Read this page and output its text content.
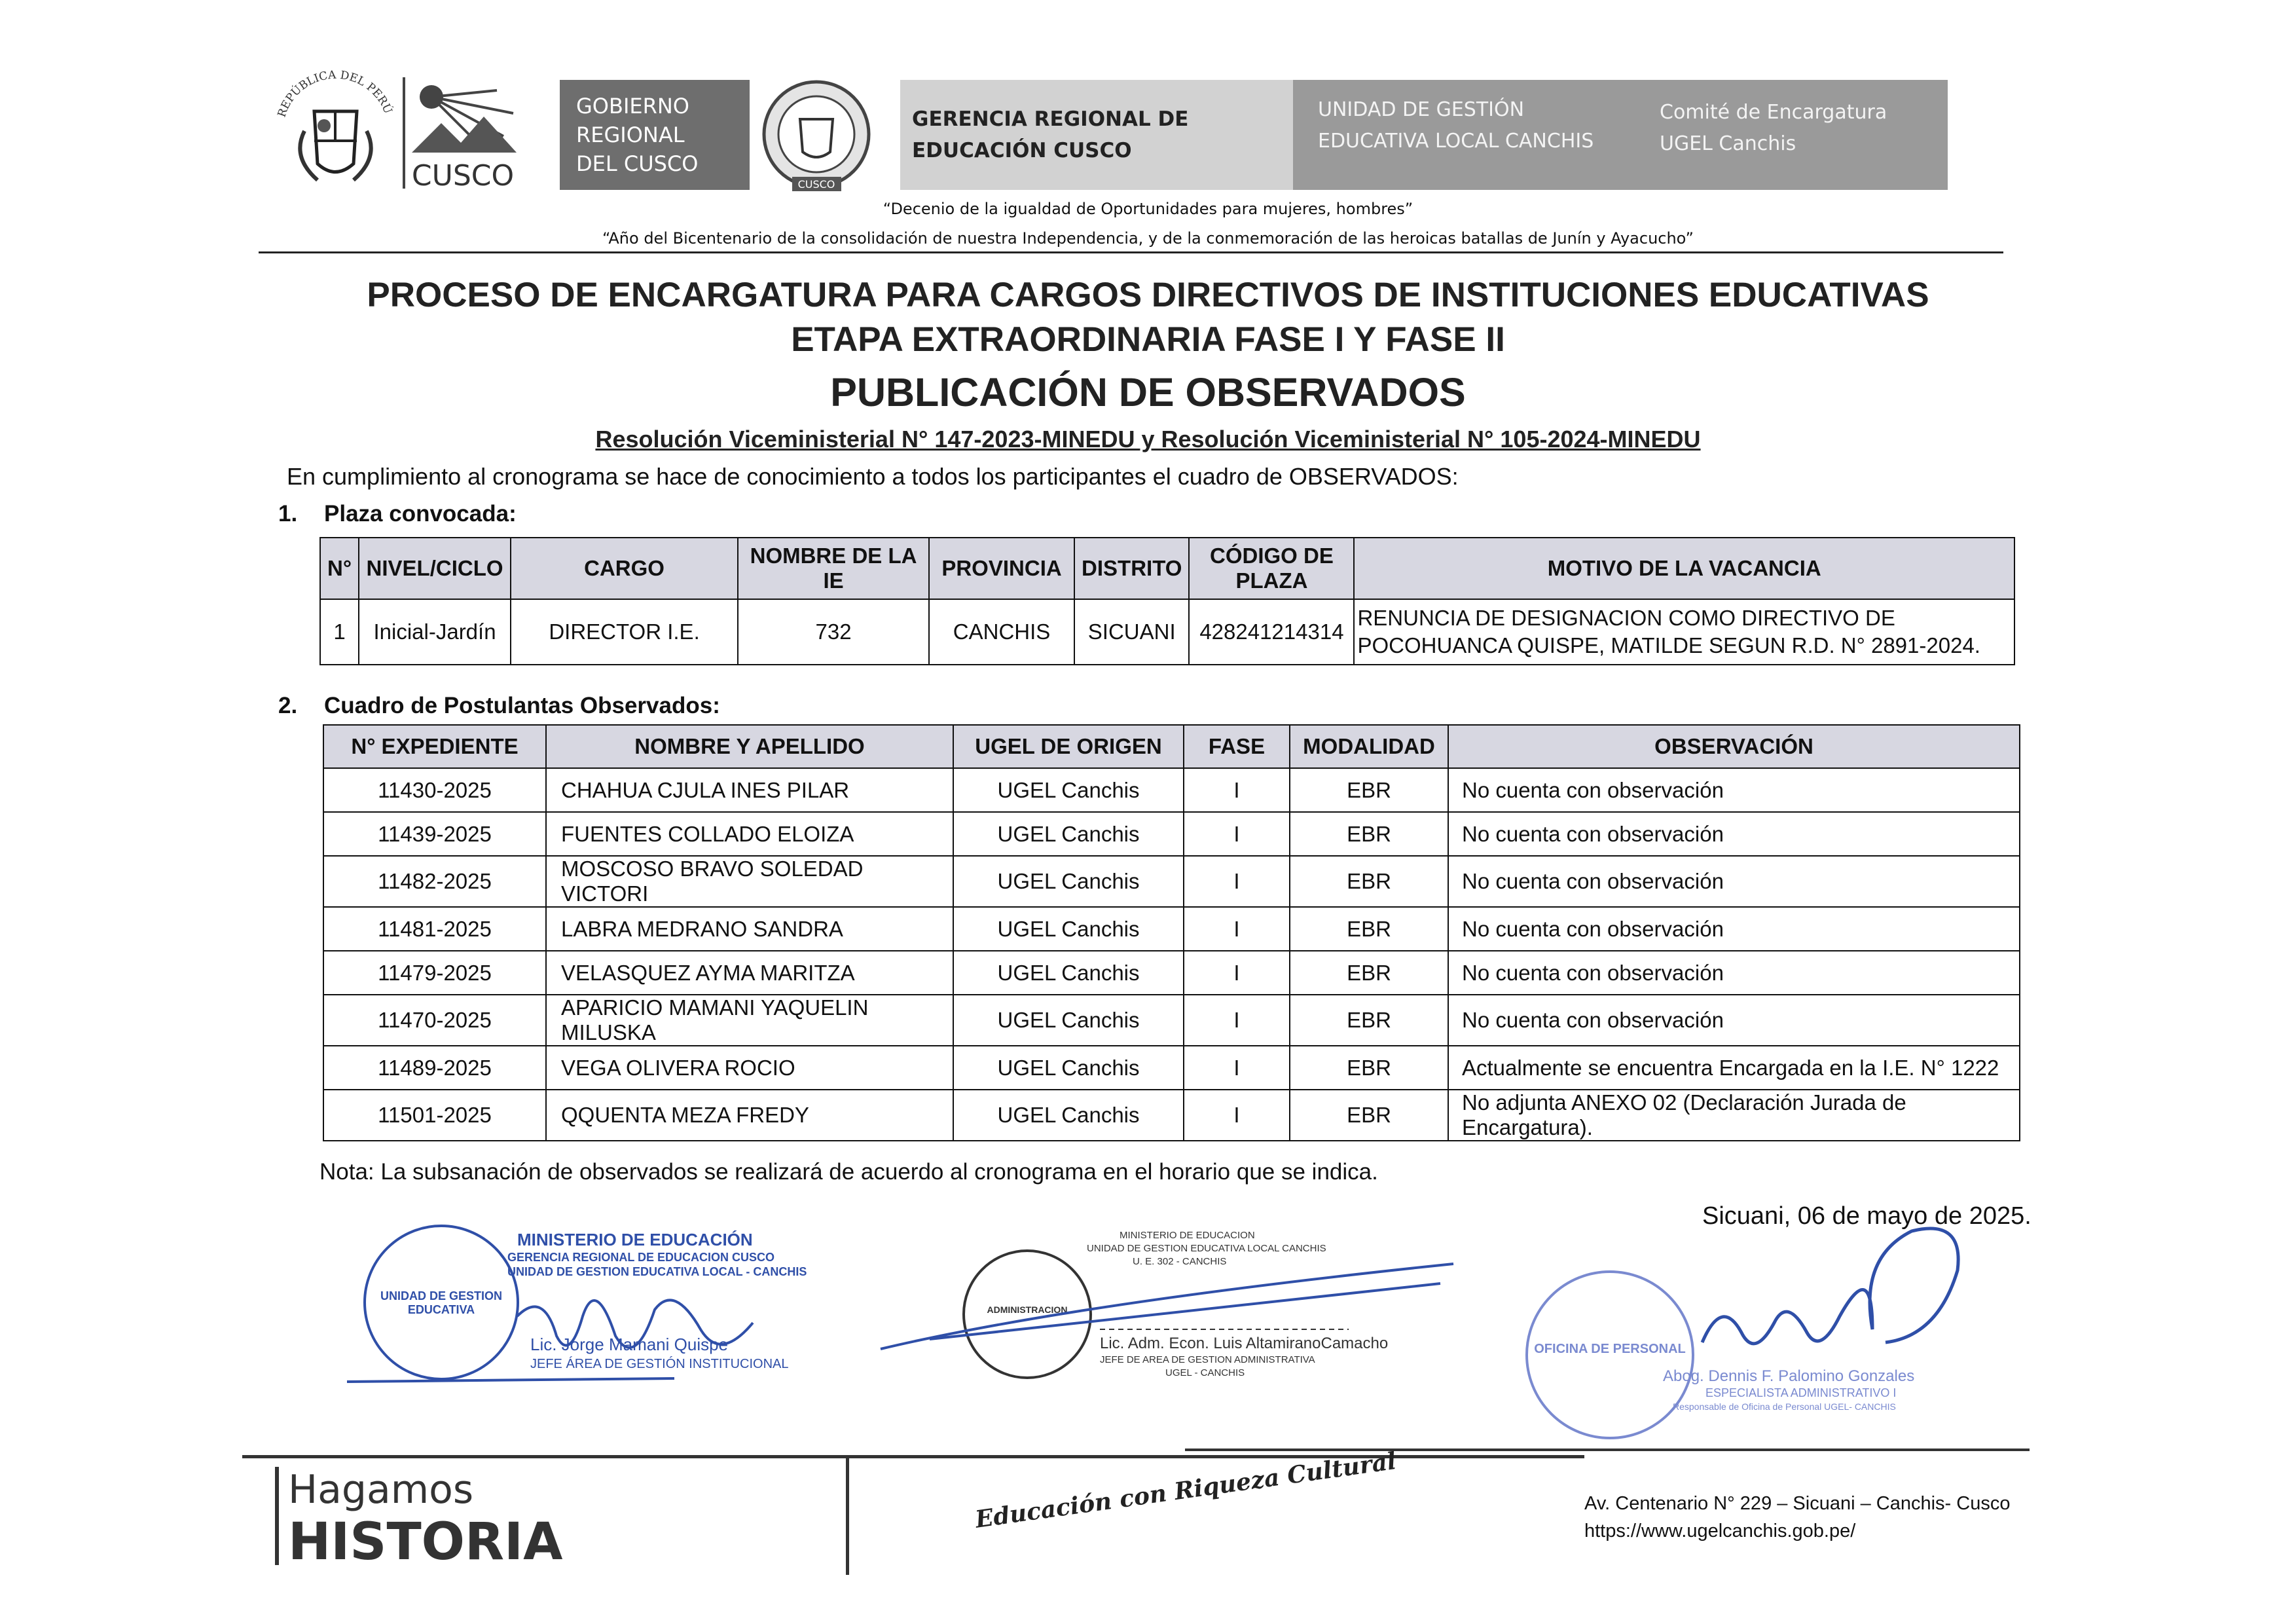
REPÚBLICA DEL PERÚ
CUSCO
GOBIERNO
REGIONAL
DEL CUSCO
CUSCO
GERENCIA REGIONAL DE
EDUCACIÓN CUSCO
UNIDAD DE GESTIÓN
EDUCATIVA LOCAL CANCHIS
Comité de Encargatura
UGEL Canchis
“Decenio de la igualdad de Oportunidades para mujeres, hombres”
“Año del Bicentenario de la consolidación de nuestra Independencia, y de la conmemoración de las heroicas batallas de Junín y Ayacucho”
PROCESO DE ENCARGATURA PARA CARGOS DIRECTIVOS DE INSTITUCIONES EDUCATIVAS
ETAPA EXTRAORDINARIA FASE I Y FASE II
PUBLICACIÓN DE OBSERVADOS
Resolución Viceministerial N° 147-2023-MINEDU y Resolución Viceministerial N° 105-2024-MINEDU
En cumplimiento al cronograma se hace de conocimiento a todos los participantes el cuadro de OBSERVADOS:
1. Plaza convocada:
N°	NIVEL/CICLO	CARGO	NOMBRE DE LA IE	PROVINCIA	DISTRITO	CÓDIGO DE PLAZA	MOTIVO DE LA VACANCIA
1	Inicial-Jardín	DIRECTOR I.E.	732	CANCHIS	SICUANI	428241214314	RENUNCIA DE DESIGNACION COMO DIRECTIVO DE POCOHUANCA QUISPE, MATILDE SEGUN R.D. N° 2891-2024.
2. Cuadro de Postulantas Observados:
N° EXPEDIENTE	NOMBRE Y APELLIDO	UGEL DE ORIGEN	FASE	MODALIDAD	OBSERVACIÓN
11430-2025	CHAHUA CJULA INES PILAR	UGEL Canchis	I	EBR	No cuenta con observación
11439-2025	FUENTES COLLADO ELOIZA	UGEL Canchis	I	EBR	No cuenta con observación
11482-2025	MOSCOSO BRAVO SOLEDAD VICTORI	UGEL Canchis	I	EBR	No cuenta con observación
11481-2025	LABRA MEDRANO SANDRA	UGEL Canchis	I	EBR	No cuenta con observación
11479-2025	VELASQUEZ AYMA MARITZA	UGEL Canchis	I	EBR	No cuenta con observación
11470-2025	APARICIO MAMANI YAQUELIN MILUSKA	UGEL Canchis	I	EBR	No cuenta con observación
11489-2025	VEGA OLIVERA ROCIO	UGEL Canchis	I	EBR	Actualmente se encuentra Encargada en la I.E. N° 1222
11501-2025	QQUENTA MEZA FREDY	UGEL Canchis	I	EBR	No adjunta ANEXO 02 (Declaración Jurada de Encargatura).
Nota: La subsanación de observados se realizará de acuerdo al cronograma en el horario que se indica.
Sicuani, 06 de mayo de 2025.
UNIDAD DE GESTION EDUCATIVA
MINISTERIO DE EDUCACIÓN
GERENCIA REGIONAL DE EDUCACION CUSCO
UNIDAD DE GESTION EDUCATIVA LOCAL - CANCHIS
Lic. Jorge Mamani Quispe
JEFE ÁREA DE GESTIÓN INSTITUCIONAL
ADMINISTRACION
MINISTERIO DE EDUCACION
UNIDAD DE GESTION EDUCATIVA LOCAL CANCHIS
U. E. 302 - CANCHIS
Lic. Adm. Econ. Luis AltamiranoCamacho
JEFE DE AREA DE GESTION ADMINISTRATIVA
UGEL - CANCHIS
OFICINA DE PERSONAL
Abog. Dennis F. Palomino Gonzales
ESPECIALISTA ADMINISTRATIVO I
Responsable de Oficina de Personal UGEL- CANCHIS
Hagamos
HISTORIA
Educación con Riqueza Cultural	Av. Centenario N° 229 – Sicuani – Canchis- Cusco
https://www.ugelcanchis.gob.pe/
